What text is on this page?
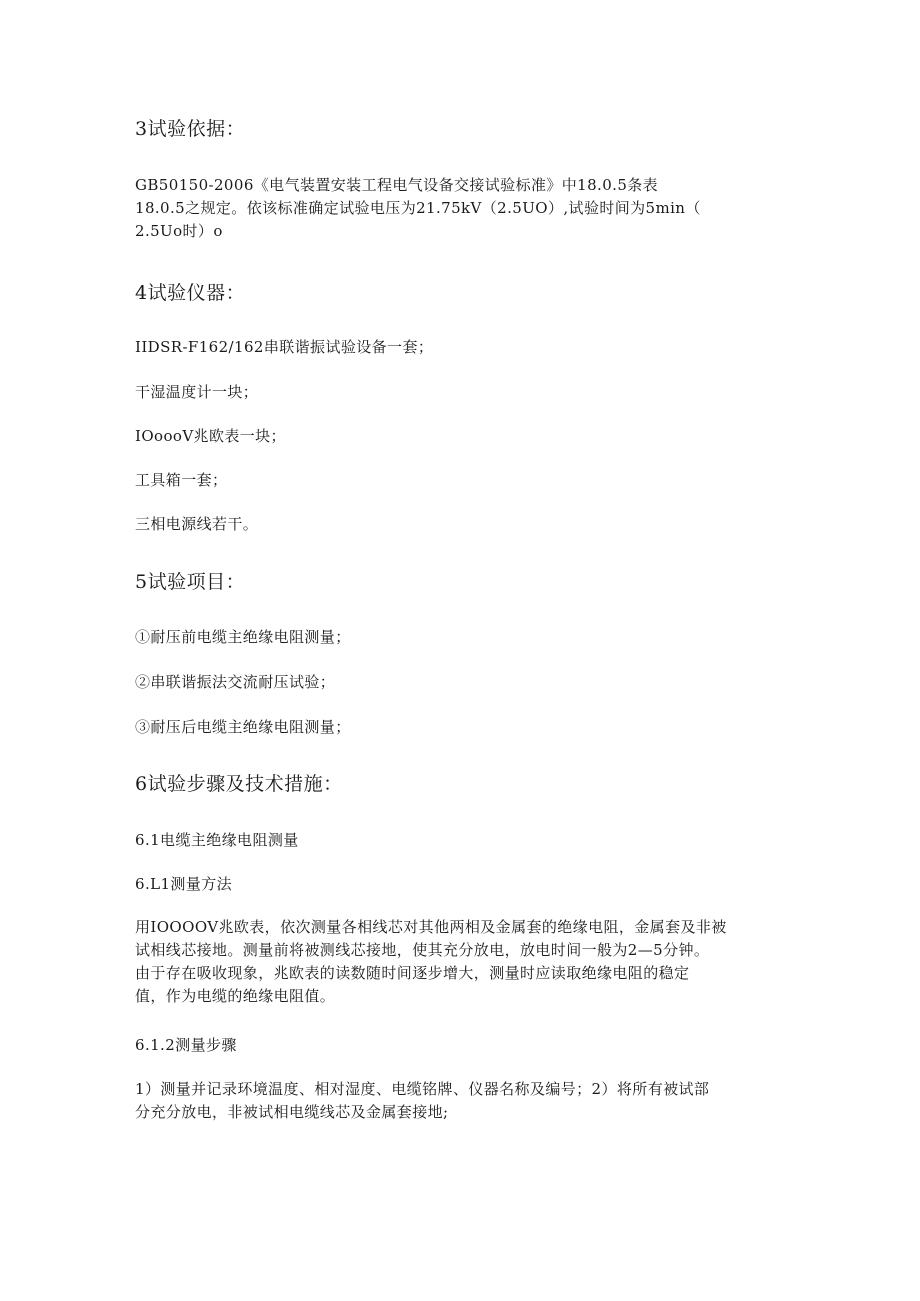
3试验依据：
GB50150-2006《电气装置安装工程电气设备交接试验标准》中18.0.5条表
18.0.5之规定。依该标准确定试验电压为21.75kV（2.5UO）,试验时间为5min（
2.5Uo时）o
4试验仪器：
IIDSR-F162/162串联谐振试验设备一套；
干湿温度计一块；
IOoooV兆欧表一块；
工具箱一套；
三相电源线若干。
5试验项目：
①耐压前电缆主绝缘电阻测量；
②串联谐振法交流耐压试验；
③耐压后电缆主绝缘电阻测量；
6试验步骤及技术措施：
6.1电缆主绝缘电阻测量
6.L1测量方法
用IOOOOV兆欧表，依次测量各相线芯对其他两相及金属套的绝缘电阻，金属套及非被
试相线芯接地。测量前将被测线芯接地，使其充分放电，放电时间一般为2—5分钟。
由于存在吸收现象，兆欧表的读数随时间逐步增大，测量时应读取绝缘电阻的稳定
值，作为电缆的绝缘电阻值。
6.1.2测量步骤
1）测量并记录环境温度、相对湿度、电缆铭牌、仪器名称及编号；2）将所有被试部
分充分放电，非被试相电缆线芯及金属套接地;
